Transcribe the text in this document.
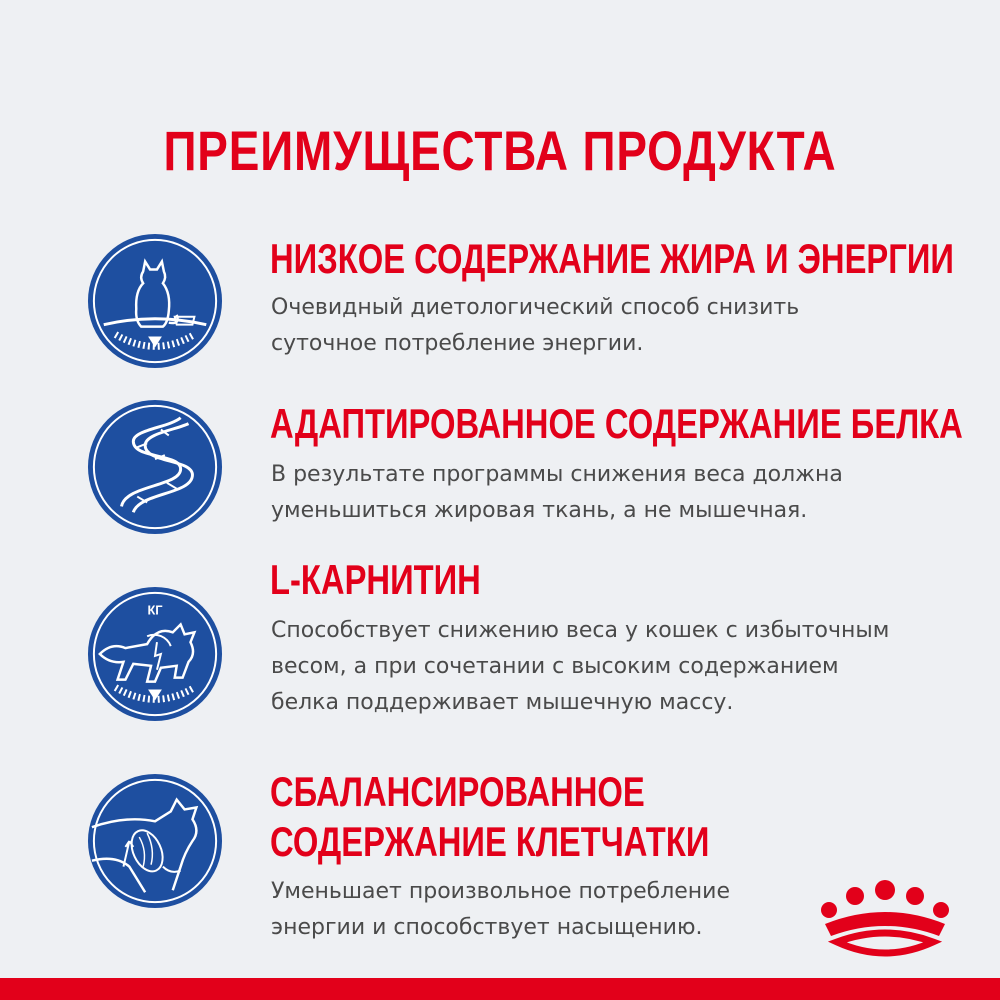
ПРЕИМУЩЕСТВА ПРОДУКТА
НИЗКОЕ СОДЕРЖАНИЕ ЖИРА И ЭНЕРГИИ

Очевидный диетологический способ снизить

суточное потребление энергии.

АДАПТИРОВАННОЕ СОДЕРЖАНИЕ БЕЛКА

В результате программы снижения веса должна

уменьшиться жировая ткань, а не мышечная.

КГ
L-КАРНИТИН

Способствует снижению веса у кошек с избыточным

весом, а при сочетании с высоким содержанием

белка поддерживает мышечную массу.

СБАЛАНСИРОВАННОЕ
СОДЕРЖАНИЕ КЛЕТЧАТКИ

Уменьшает произвольное потребление

энергии и способствует насыщению.
